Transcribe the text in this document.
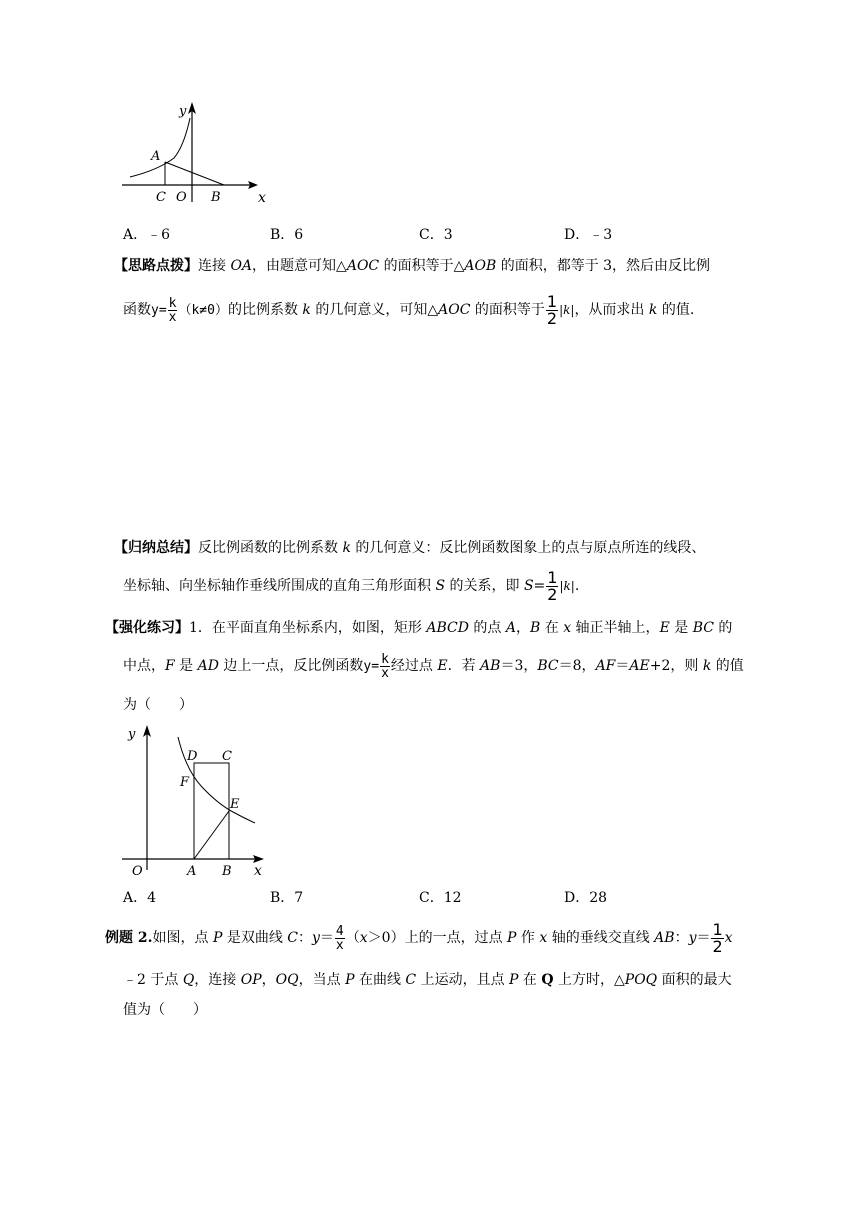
y
A
C O B	x
A．﹣6	B．6	C．3	D．﹣3
【思路点拨】连接 OA，由题意可知△AOC 的面积等于△AOB 的面积，都等于 3，然后由反比例
函数$y= \frac{k}{x} (k\ne 0)$的比例系数 k 的几何意义，可知△AOC 的面积等于 $\frac{1}{2} |k|$，从而求出 k 的值.
【归纳总结】反比例函数的比例系数 k 的几何意义：反比例函数图象上的点与原点所连的线段、
坐标轴、向坐标轴作垂线所围成的直角三角形面积 S 的关系，即 $S= \frac{1}{2} |k|$.
【强化练习】1．在平面直角坐标系内，如图，矩形 ABCD 的点 A，B 在 x 轴正半轴上，E 是 BC 的
中点，F 是 AD 边上一点，反比例函数$y= \frac{k}{x}$ 经过点 E．若 AB＝3，BC＝8，AF＝AE+2，则 k 的值
为（　　）
y
D C
F
E
O	A B x
A．4	B．7	C．12	D．28
例题 2.如图，点 P 是双曲线 C：$y= \frac{4}{x} (x>0)$上的一点，过点 P 作 x 轴的垂线交直线 AB：$y= \frac{1}{2}$ x
﹣2 于点 Q，连接 OP，OQ，当点 P 在曲线 C 上运动，且点 P 在 Q 上方时，△POQ 面积的最大
值为（　　）
